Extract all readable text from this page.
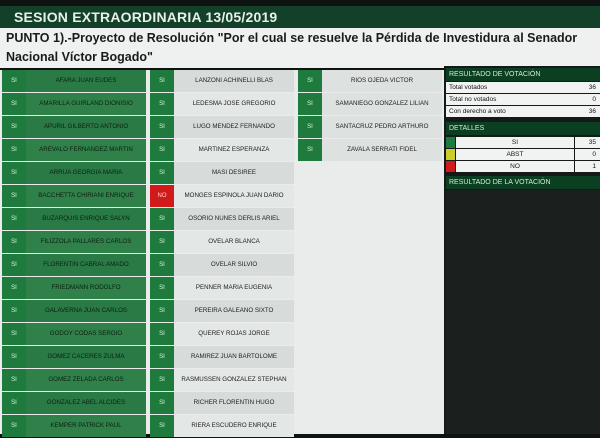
SESION EXTRAORDINARIA 13/05/2019
PUNTO 1).-Proyecto de Resolución "Por el cual se resuelve la Pérdida de Investidura al Senador Nacional Víctor Bogado"
SI	AFARA JUAN EUDES
SI	AMARILLA GUIRLAND DIONISIO
SI	APURIL GILBERTO ANTONIO
SI	AREVALO FERNANDEZ MARTIN
SI	ARRUA GEORGIA MARIA
SI	BACCHETTA CHIRIANI ENRIQUE
SI	BUZARQUIS ENRIQUE SALYN
SI	FILIZZOLA PALLARES CARLOS
SI	FLORENTIN CABRAL AMADO
SI	FRIEDMANN RODOLFO
SI	GALAVERNA JUAN CARLOS
SI	GODOY CODAS SERGIO
SI	GOMEZ CACERES ZULMA
SI	GOMEZ ZELADA CARLOS
SI	GONZALEZ ABEL ALCIDES
SI	KEMPER PATRICK PAUL
SI	LANZONI ACHINELLI BLAS
SI	LEDESMA JOSE GREGORIO
SI	LUGO MENDEZ FERNANDO
SI	MARTINEZ ESPERANZA
SI	MASI DESIREE
NO	MONGES ESPINOLA JUAN DARIO
SI	OSORIO NUNES DERLIS ARIEL
SI	OVELAR BLANCA
SI	OVELAR SILVIO
SI	PENNER MARIA EUGENIA
SI	PEREIRA GALEANO SIXTO
SI	QUEREY ROJAS JORGE
SI	RAMIREZ JUAN BARTOLOME
SI	RASMUSSEN GONZALEZ STEPHAN
SI	RICHER FLORENTIN HUGO
SI	RIERA ESCUDERO ENRIQUE
SI	RIOS OJEDA VICTOR
SI	SAMANIEGO GONZALEZ LILIAN
SI	SANTACRUZ PEDRO ARTHURO
SI	ZAVALA SERRATI FIDEL
RESULTADO DE VOTACIÓN
Total votados	36
Total no votados	0
Con derecho a voto	36
DETALLES
SI	35
ABST	0
NO	1
RESULTADO DE LA VOTACIÓN
